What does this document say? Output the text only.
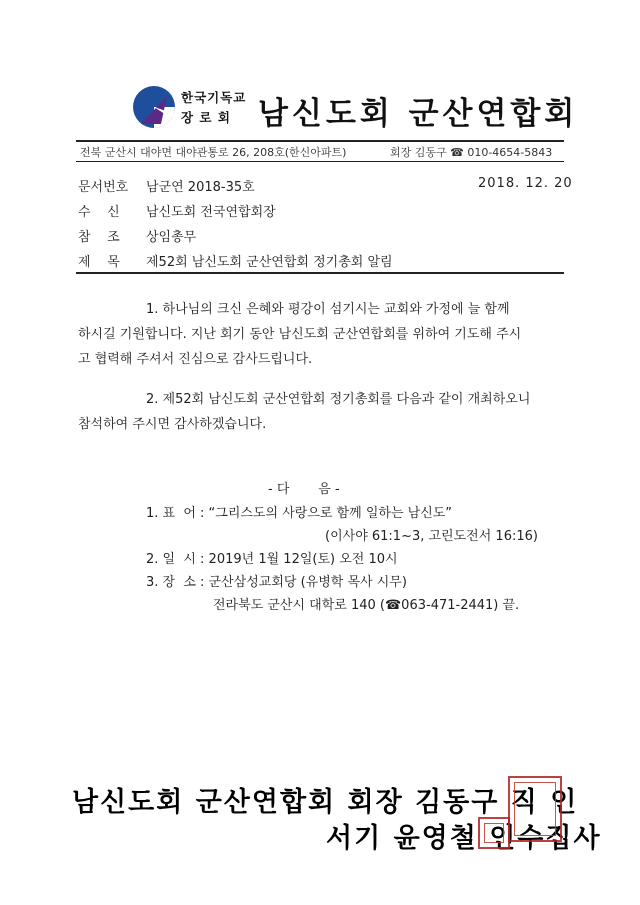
한국기독교
장 로 회 남신도회 군산연합회
전북 군산시 대야면 대야관통로 26, 208호(한신아파트)	회장 김동구 ☎ 010-4654-5843
문서번호 남군연 2018-35호	2018. 12. 20
수    신 남신도회 전국연합회장
참    조 상임총무
제    목 제52회 남신도회 군산연합회 정기총회 알림
1. 하나님의 크신 은혜와 평강이 섬기시는 교회와 가정에 늘 함께
하시길 기원합니다. 지난 회기 동안 남신도회 군산연합회를 위하여 기도해 주시
고 협력해 주셔서 진심으로 감사드립니다.
2. 제52회 남신도회 군산연합회 정기총회를 다음과 같이 개최하오니
참석하여 주시면 감사하겠습니다.
- 다       음 -
1. 표  어 : “그리스도의 사랑으로 함께 일하는 남신도”
(이사야 61:1~3, 고린도전서 16:16)
2. 일  시 : 2019년 1월 12일(토) 오전 10시
3. 장  소 : 군산삼성교회당 (유병학 목사 시무)
전라북도 군산시 대학로 140 (☎063-471-2441) 끝.
남신도회 군산연합회 회장 김동구 직 인
서기 윤영철 인수집사
